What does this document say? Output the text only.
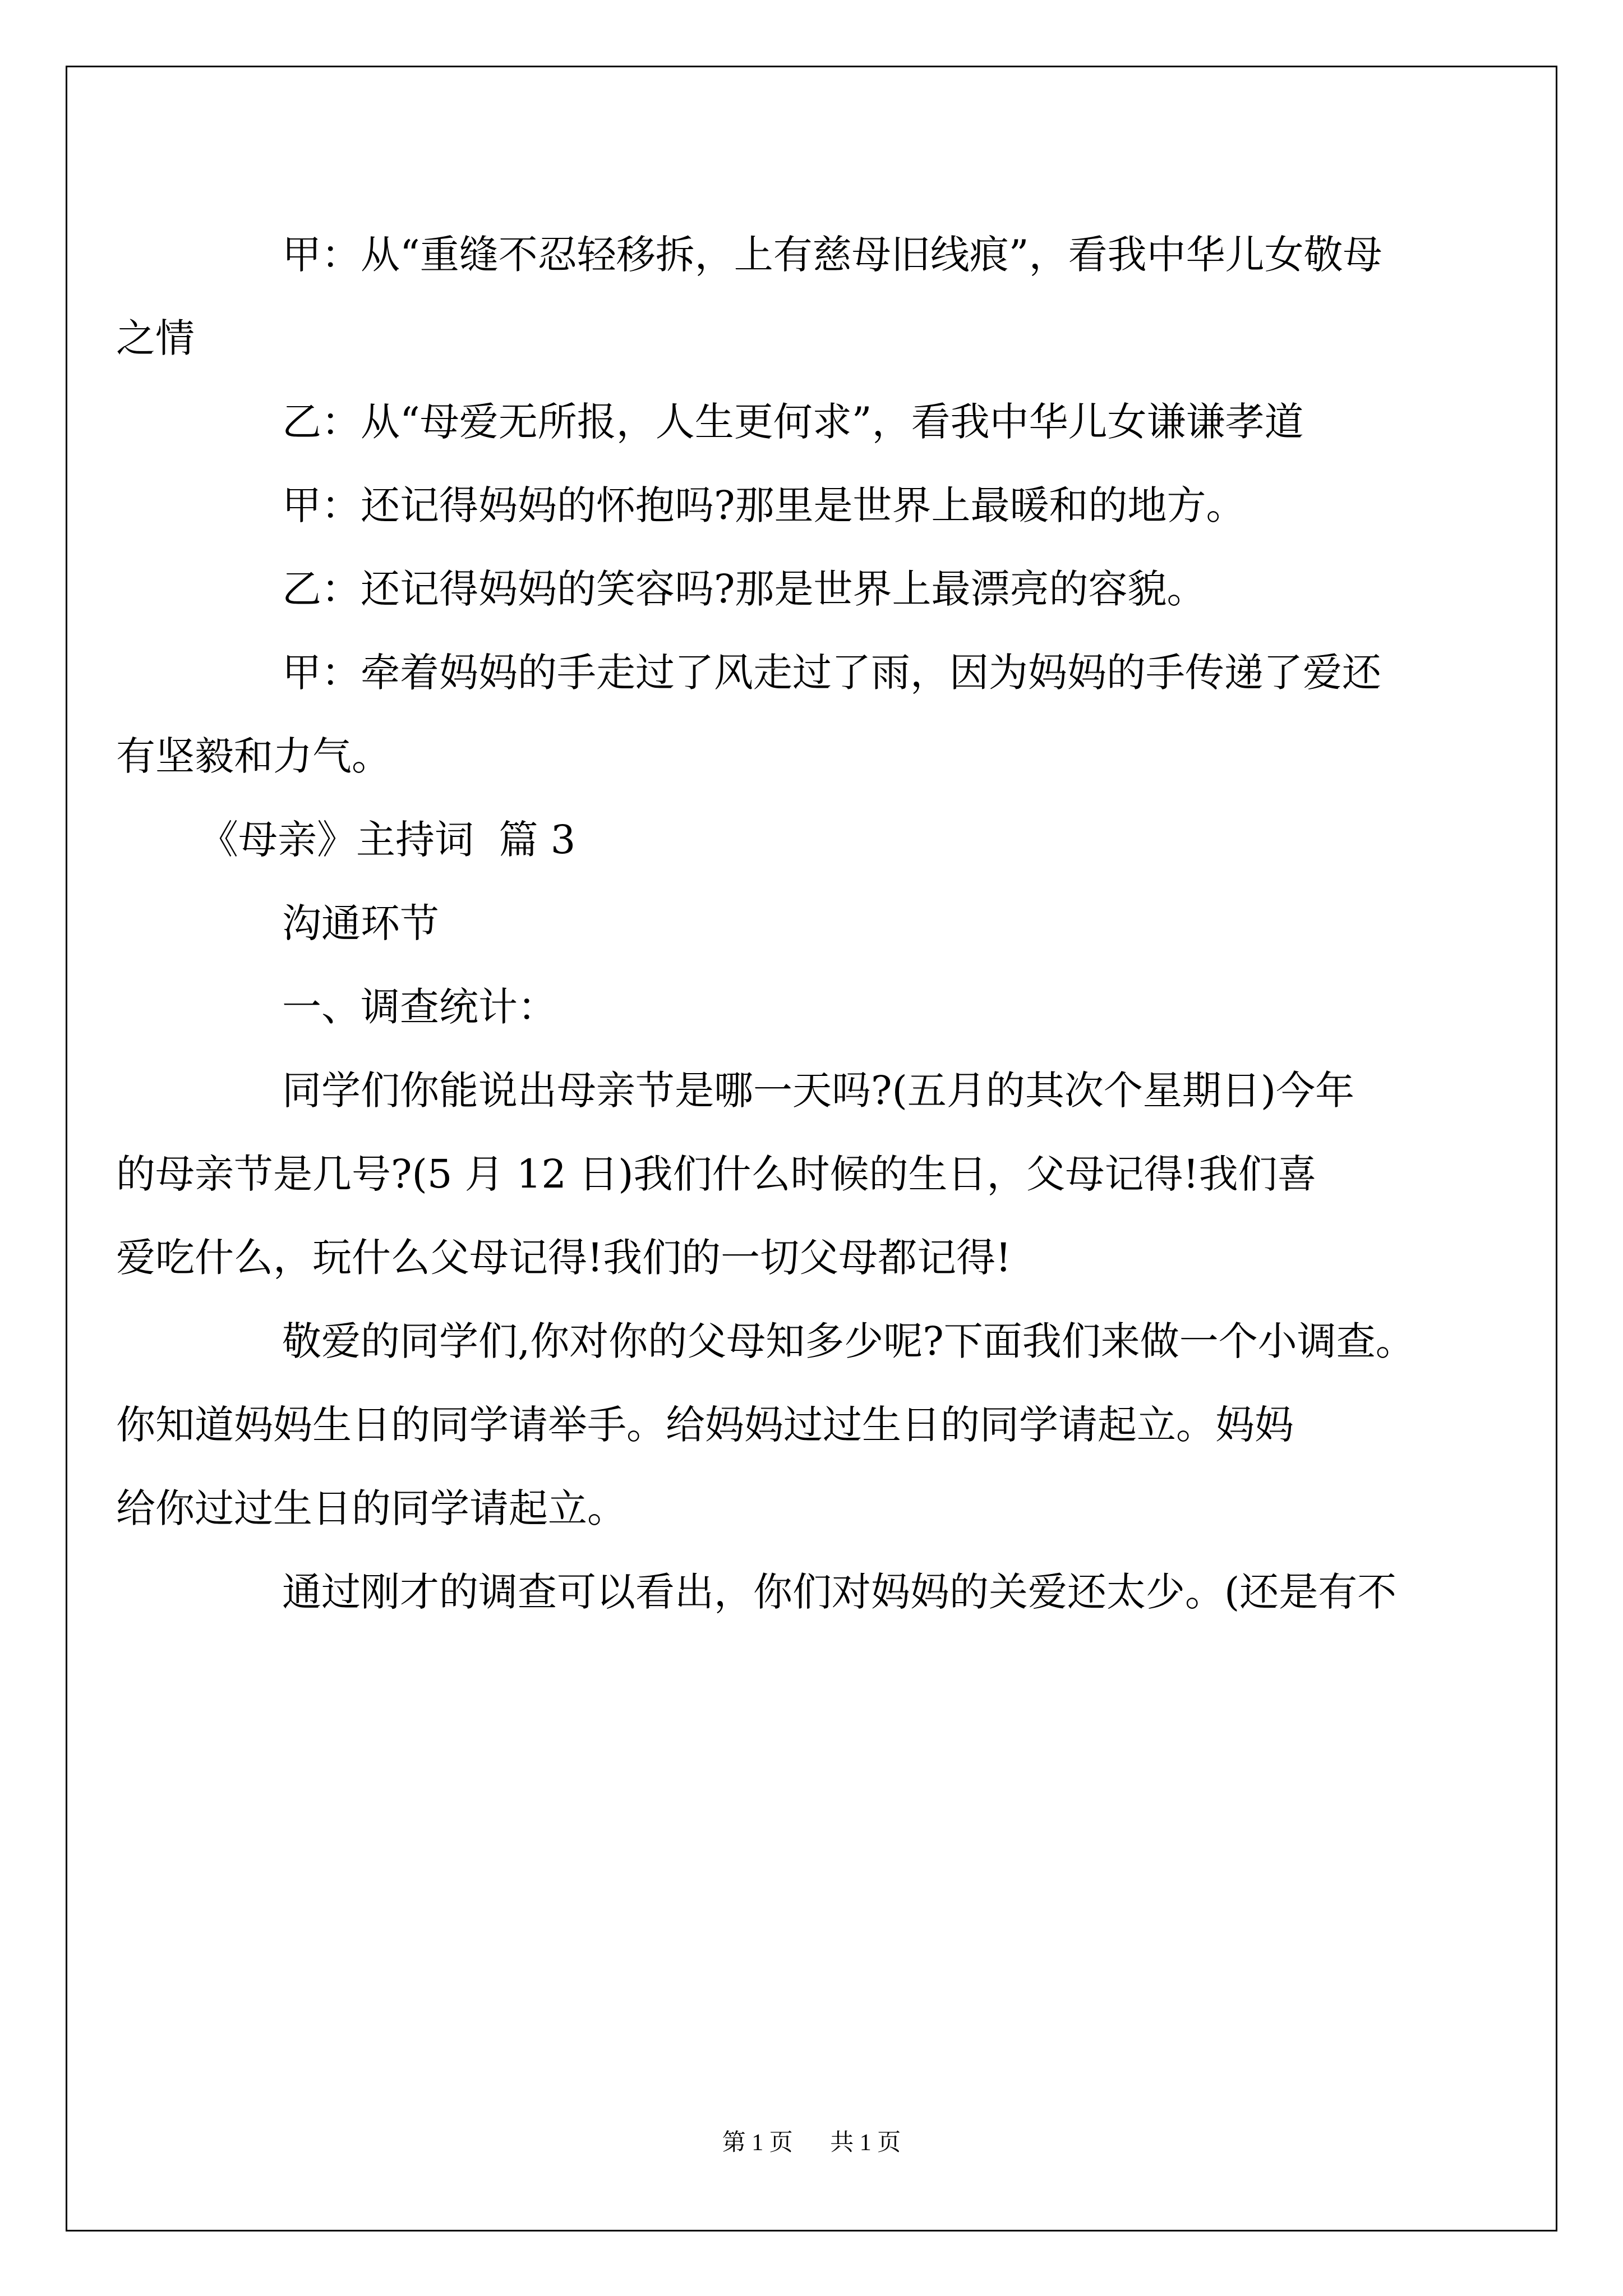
甲：从“重缝不忍轻移拆，上有慈母旧线痕”，看我中华儿女敬母
之情

乙：从“母爱无所报，人生更何求”，看我中华儿女谦谦孝道

甲：还记得妈妈的怀抱吗?那里是世界上最暖和的地方。

乙：还记得妈妈的笑容吗?那是世界上最漂亮的容貌。

甲：牵着妈妈的手走过了风走过了雨，因为妈妈的手传递了爱还
有坚毅和力气。

《母亲》主持词  篇 3

沟通环节

一、调查统计：

同学们你能说出母亲节是哪一天吗?(五月的其次个星期日)今年
的母亲节是几号?(5 月 12 日)我们什么时候的生日，父母记得!我们喜
爱吃什么，玩什么父母记得!我们的一切父母都记得!

敬爱的同学们,你对你的父母知多少呢?下面我们来做一个小调查。
你知道妈妈生日的同学请举手。给妈妈过过生日的同学请起立。妈妈
给你过过生日的同学请起立。

通过刚才的调查可以看出，你们对妈妈的关爱还太少。(还是有不

第 1 页 共 1 页
